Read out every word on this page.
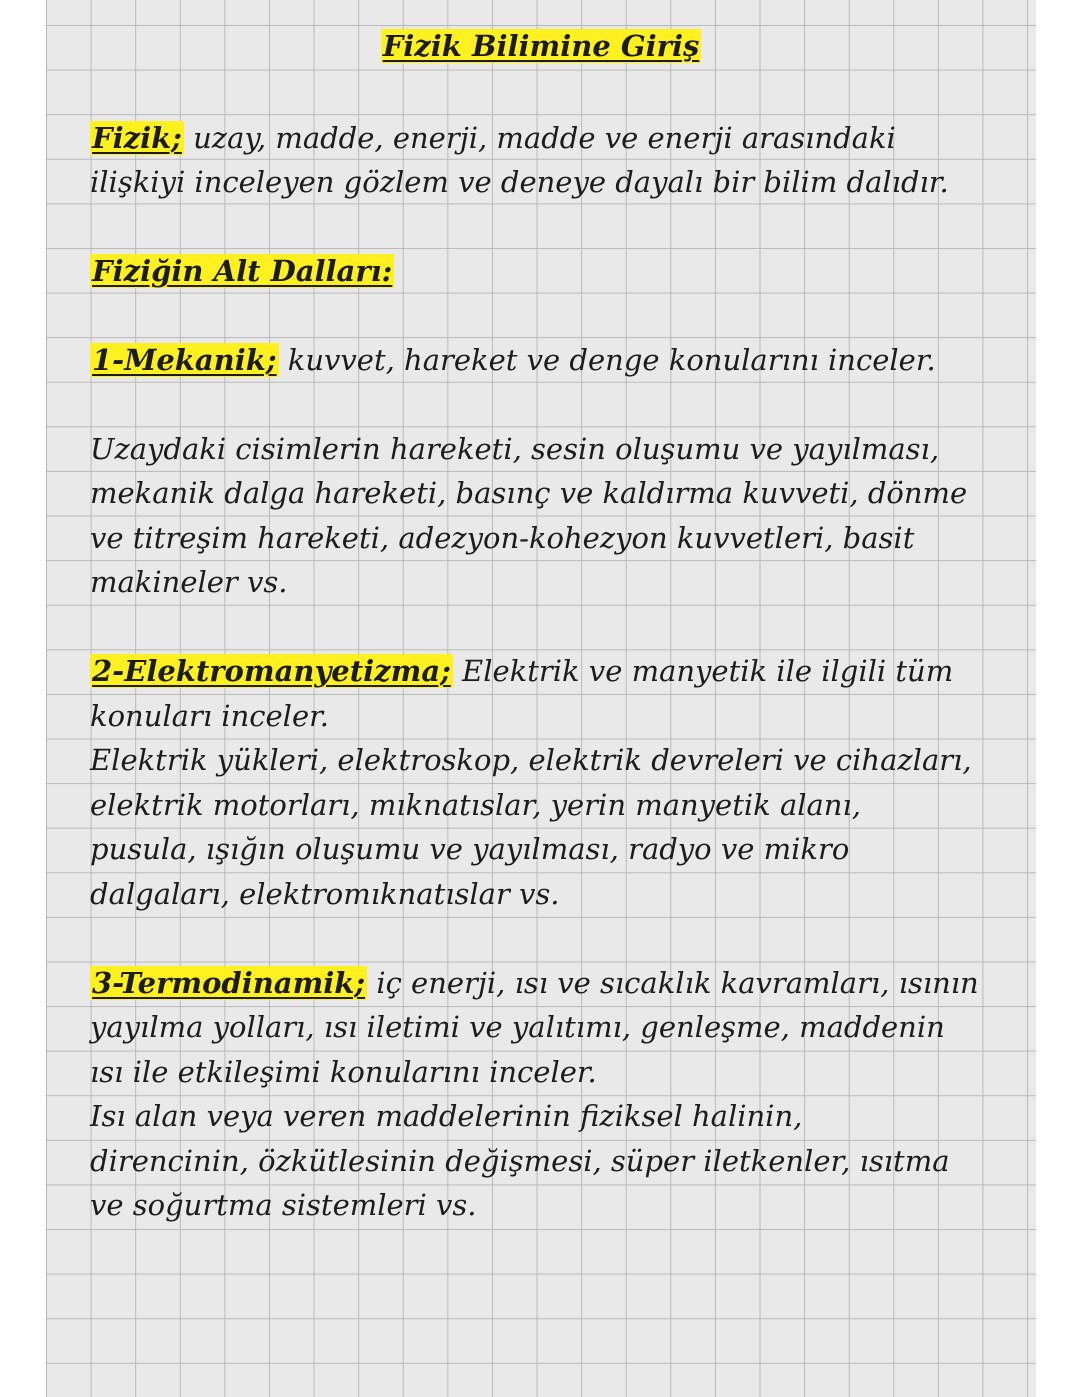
Fizik Bilimine Giriş
Fizik; uzay, madde, enerji, madde ve enerji arasındaki
ilişkiyi inceleyen gözlem ve deneye dayalı bir bilim dalıdır.
Fiziğin Alt Dalları:
1-Mekanik; kuvvet, hareket ve denge konularını inceler.
Uzaydaki cisimlerin hareketi, sesin oluşumu ve yayılması,
mekanik dalga hareketi, basınç ve kaldırma kuvveti, dönme
ve titreşim hareketi, adezyon-kohezyon kuvvetleri, basit
makineler vs.
2-Elektromanyetizma; Elektrik ve manyetik ile ilgili tüm
konuları inceler.
Elektrik yükleri, elektroskop, elektrik devreleri ve cihazları,
elektrik motorları, mıknatıslar, yerin manyetik alanı,
pusula, ışığın oluşumu ve yayılması, radyo ve mikro
dalgaları, elektromıknatıslar vs.
3-Termodinamik; iç enerji, ısı ve sıcaklık kavramları, ısının
yayılma yolları, ısı iletimi ve yalıtımı, genleşme, maddenin
ısı ile etkileşimi konularını inceler.
Isı alan veya veren maddelerinin fiziksel halinin,
direncinin, özkütlesinin değişmesi, süper iletkenler, ısıtma
ve soğurtma sistemleri vs.
